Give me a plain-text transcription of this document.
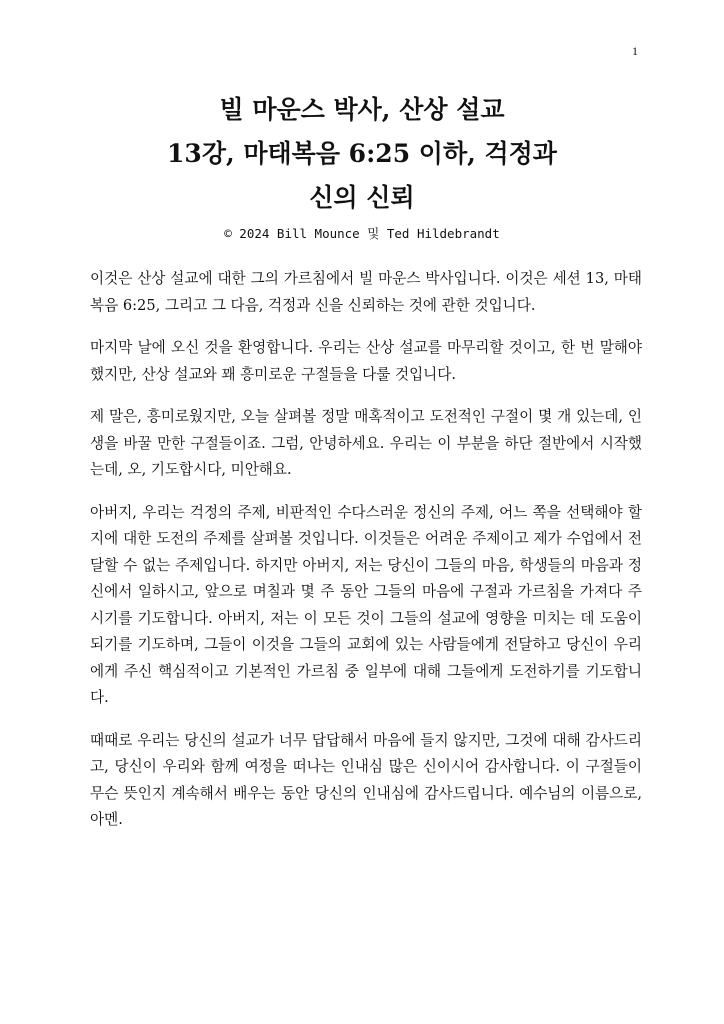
1
빌 마운스 박사, 산상 설교
13강, 마태복음 6:25 이하, 걱정과
신의 신뢰
© 2024 Bill Mounce 및 Ted Hildebrandt

이것은 산상 설교에 대한 그의 가르침에서 빌 마운스 박사입니다. 이것은 세션 13, 마태복음 6:25, 그리고 그 다음, 걱정과 신을 신뢰하는 것에 관한 것입니다.

마지막 날에 오신 것을 환영합니다. 우리는 산상 설교를 마무리할 것이고, 한 번 말해야 했지만, 산상 설교와 꽤 흥미로운 구절들을 다룰 것입니다.

제 말은, 흥미로웠지만, 오늘 살펴볼 정말 매혹적이고 도전적인 구절이 몇 개 있는데, 인생을 바꿀 만한 구절들이죠. 그럼, 안녕하세요. 우리는 이 부분을 하단 절반에서 시작했는데, 오, 기도합시다, 미안해요.

아버지, 우리는 걱정의 주제, 비판적인 수다스러운 정신의 주제, 어느 쪽을 선택해야 할지에 대한 도전의 주제를 살펴볼 것입니다. 이것들은 어려운 주제이고 제가 수업에서 전달할 수 없는 주제입니다. 하지만 아버지, 저는 당신이 그들의 마음, 학생들의 마음과 정신에서 일하시고, 앞으로 며칠과 몇 주 동안 그들의 마음에 구절과 가르침을 가져다 주시기를 기도합니다. 아버지, 저는 이 모든 것이 그들의 설교에 영향을 미치는 데 도움이 되기를 기도하며, 그들이 이것을 그들의 교회에 있는 사람들에게 전달하고 당신이 우리에게 주신 핵심적이고 기본적인 가르침 중 일부에 대해 그들에게 도전하기를 기도합니다.

때때로 우리는 당신의 설교가 너무 답답해서 마음에 들지 않지만, 그것에 대해 감사드리고, 당신이 우리와 함께 여정을 떠나는 인내심 많은 신이시어 감사합니다. 이 구절들이 무슨 뜻인지 계속해서 배우는 동안 당신의 인내심에 감사드립니다. 예수님의 이름으로, 아멘.
